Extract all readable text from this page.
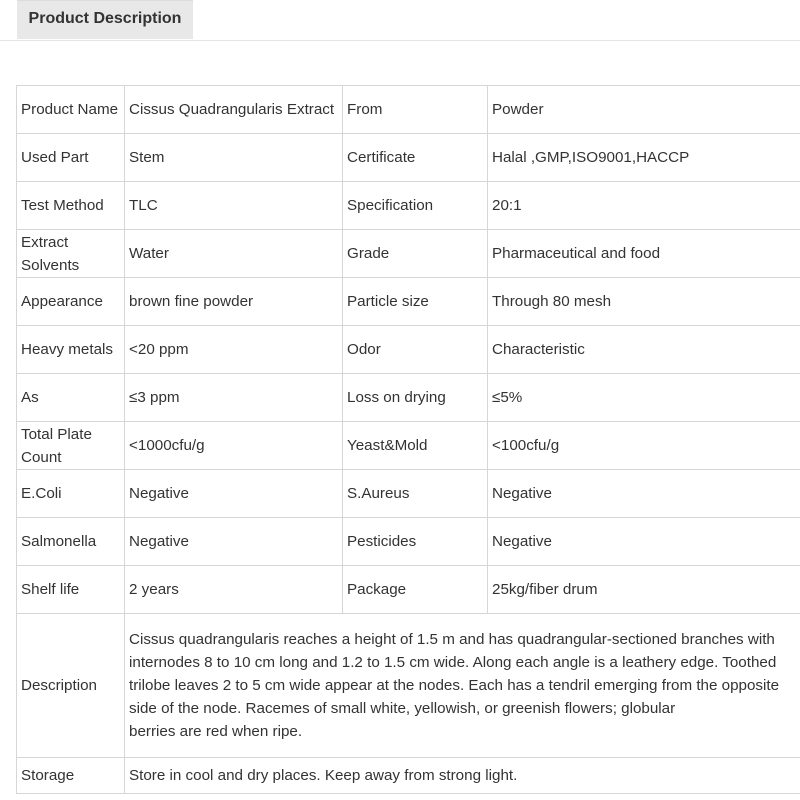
Product Description
Product Name	Cissus Quadrangularis Extract	From	Powder
Used Part	Stem	Certificate	Halal ,GMP,ISO9001,HACCP
Test Method	TLC	Specification	20:1
Extract Solvents	Water	Grade	Pharmaceutical and food
Appearance	brown fine powder	Particle size	Through 80 mesh
Heavy metals	<20 ppm	Odor	Characteristic
As	≤3 ppm	Loss on drying	≤5%
Total Plate Count	<1000cfu/g	Yeast&Mold	<100cfu/g
E.Coli	Negative	S.Aureus	Negative
Salmonella	Negative	Pesticides	Negative
Shelf life	2 years	Package	25kg/fiber drum
Description	Cissus quadrangularis reaches a height of 1.5 m and has quadrangular-sectioned branches with internodes 8 to 10 cm long and 1.2 to 1.5 cm wide. Along each angle is a leathery edge. Toothed trilobe leaves 2 to 5 cm wide appear at the nodes. Each has a tendril emerging from the opposite side of the node. Racemes of small white, yellowish, or greenish flowers; globular
berries are red when ripe.		
Storage	Store in cool and dry places. Keep away from strong light.		
